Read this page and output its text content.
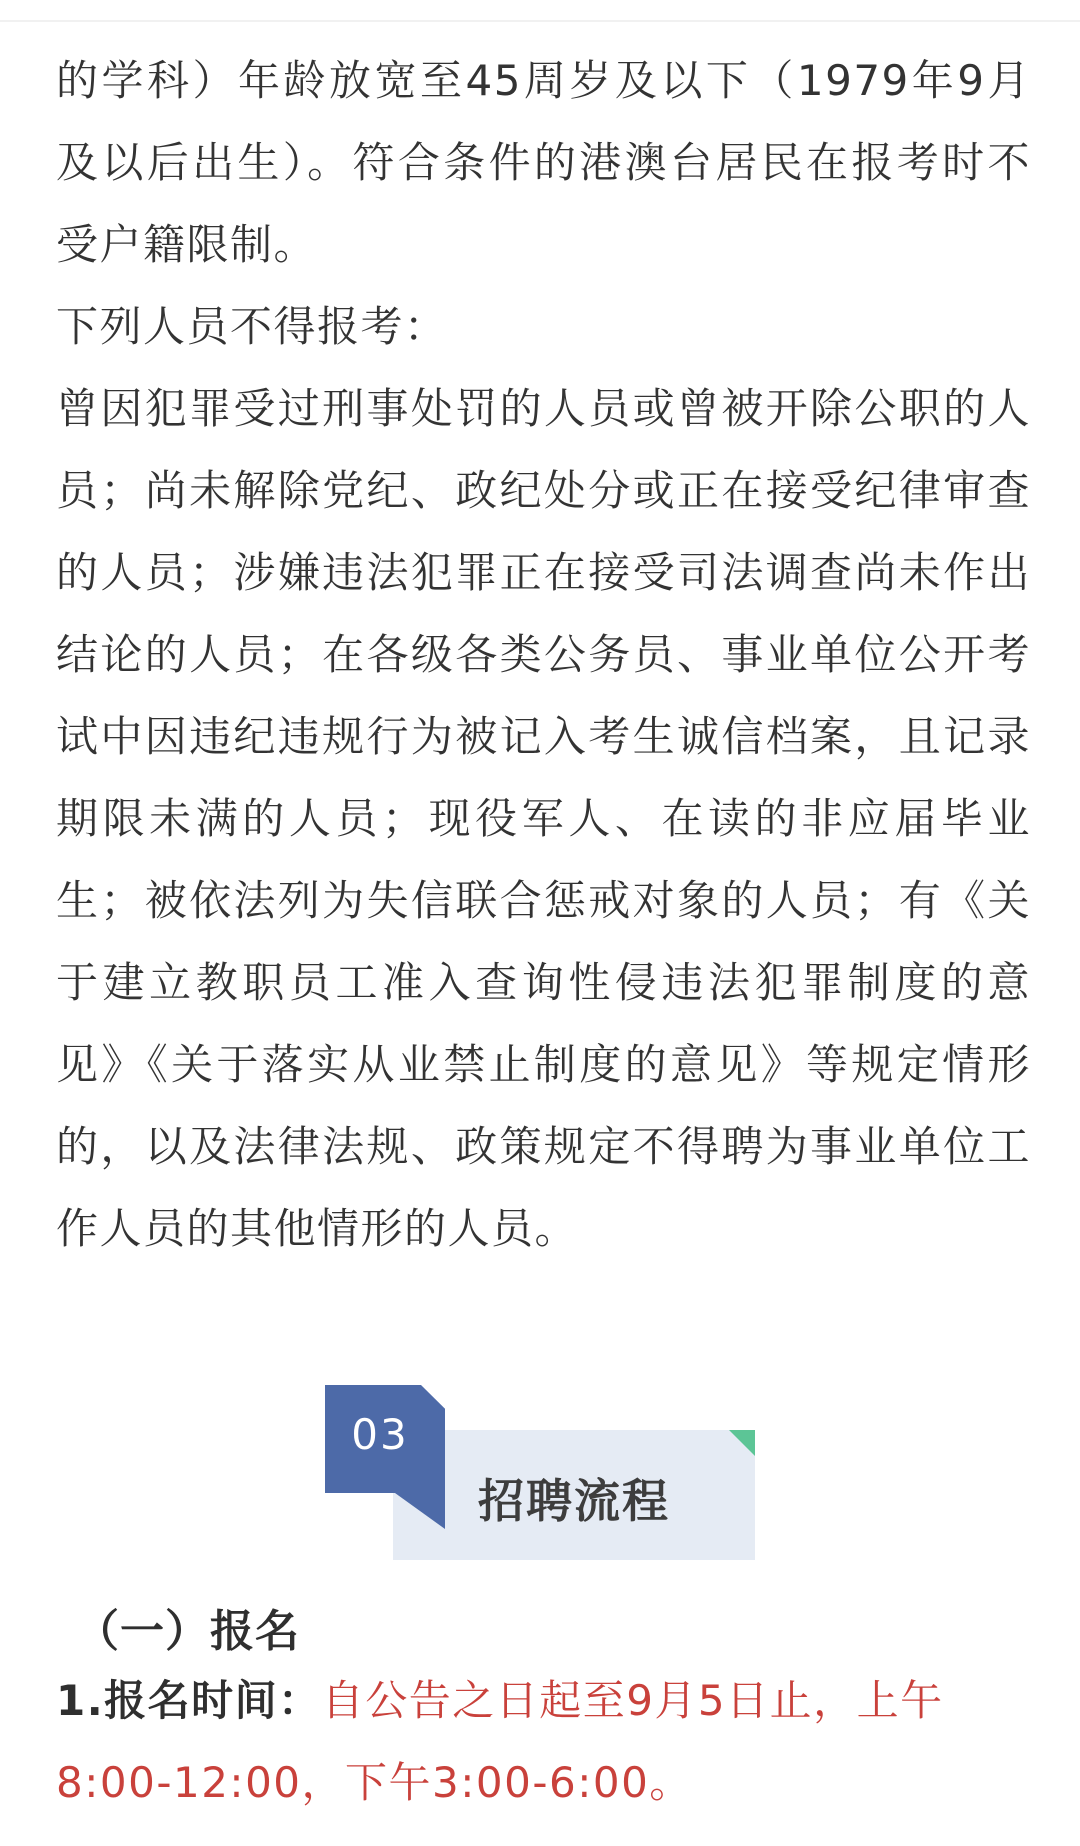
的学科）年龄放宽至45周岁及以下（1979年9月及以后出生）。符合条件的港澳台居民在报考时不受户籍限制。

下列人员不得报考：

曾因犯罪受过刑事处罚的人员或曾被开除公职的人员；尚未解除党纪、政纪处分或正在接受纪律审查的人员；涉嫌违法犯罪正在接受司法调查尚未作出结论的人员；在各级各类公务员、事业单位公开考试中因违纪违规行为被记入考生诚信档案，且记录期限未满的人员；现役军人、在读的非应届毕业生；被依法列为失信联合惩戒对象的人员；有《关于建立教职员工准入查询性侵违法犯罪制度的意见》《关于落实从业禁止制度的意见》等规定情形的，以及法律法规、政策规定不得聘为事业单位工作人员的其他情形的人员。

03
招聘流程
（一）报名

1.报名时间：自公告之日起至9月5日止，上午8:00-12:00，下午3:00-6:00。
